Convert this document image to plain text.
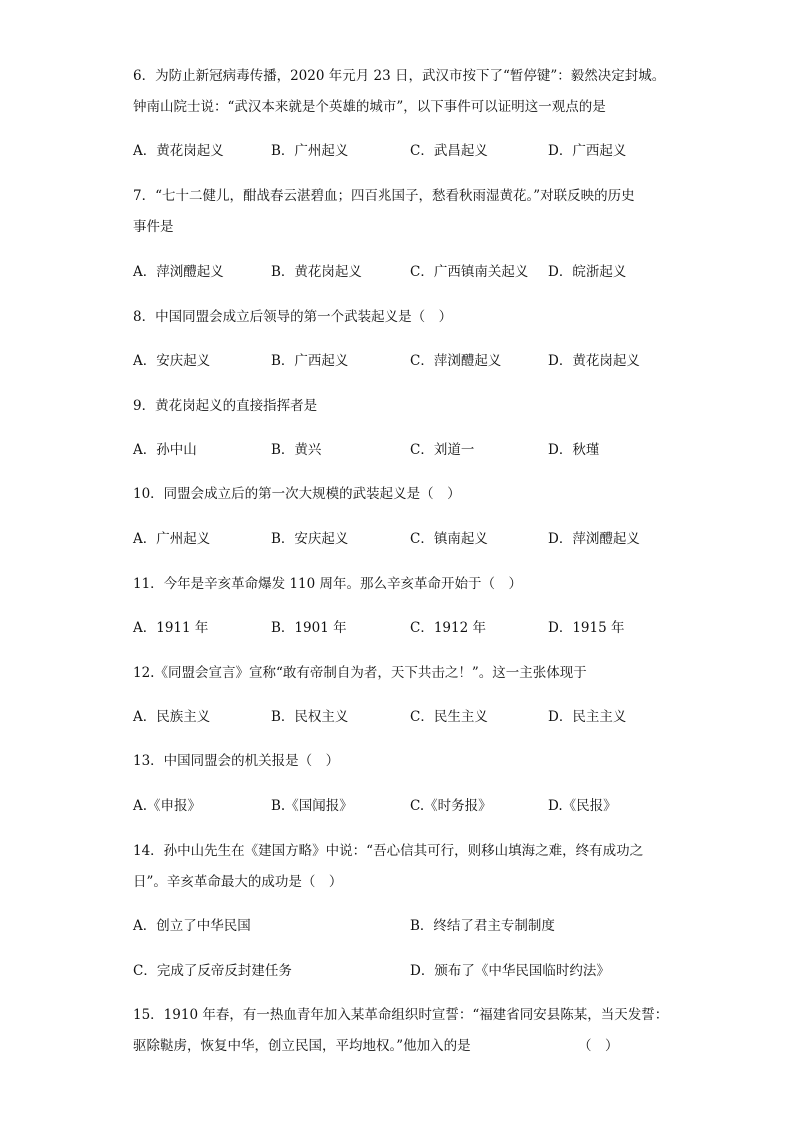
6．为防止新冠病毒传播，2020 年元月 23 日，武汉市按下了“暂停键”：毅然决定封城。
钟南山院士说：“武汉本来就是个英雄的城市”，以下事件可以证明这一观点的是
A．黄花岗起义	B．广州起义	C．武昌起义	D．广西起义
7．“七十二健儿，酣战春云湛碧血；四百兆国子，愁看秋雨湿黄花。”对联反映的历史
事件是
A．萍浏醴起义	B．黄花岗起义	C．广西镇南关起义 D．皖浙起义
8．中国同盟会成立后领导的第一个武装起义是（　）
A．安庆起义	B．广西起义	C．萍浏醴起义	D．黄花岗起义
9．黄花岗起义的直接指挥者是
A．孙中山	B．黄兴	C．刘道一	D．秋瑾
10．同盟会成立后的第一次大规模的武装起义是（　）
A．广州起义	B．安庆起义	C．镇南起义	D．萍浏醴起义
11．今年是辛亥革命爆发 110 周年。那么辛亥革命开始于（　）
A．1911 年	B．1901 年	C．1912 年	D．1915 年
12.《同盟会宣言》宣称“敢有帝制自为者，天下共击之！”。这一主张体现于
A．民族主义	B．民权主义	C．民生主义	D．民主主义
13．中国同盟会的机关报是（　）
A.《申报》	B.《国闻报》	C.《时务报》	D.《民报》
14．孙中山先生在《建国方略》中说：“吾心信其可行，则移山填海之难，终有成功之
日”。辛亥革命最大的成功是（　）
A．创立了中华民国	B．终结了君主专制制度
C．完成了反帝反封建任务	D．颁布了《中华民国临时约法》
15．1910 年春，有一热血青年加入某革命组织时宣誓：“福建省同安县陈某，当天发誓：
驱除鞑虏，恢复中华，创立民国，平均地权。”他加入的是	（　）
